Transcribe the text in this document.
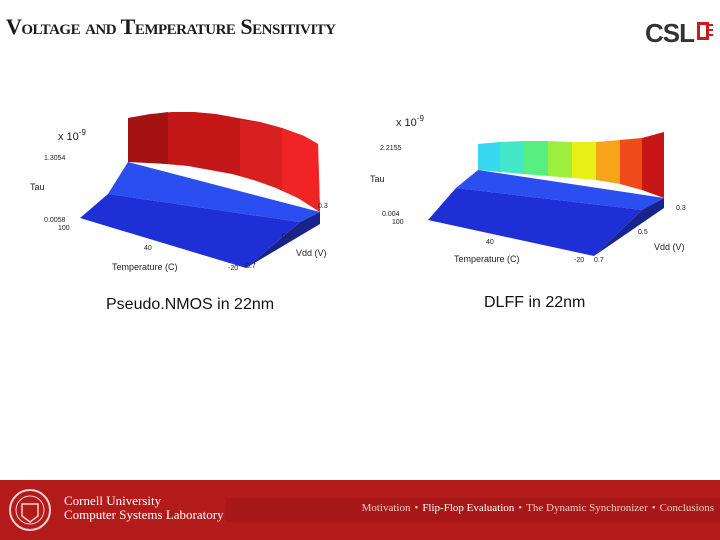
Voltage and Temperature Sensitivity	CSL
x $10^{-9}$
1.3054
Tau
0.0058
100
40
-20
Temperature (C)
0.3
0.5
0.7
Vdd (V)
x $10^{-9}$
2.2155
Tau
0.004
100
40
-20
Temperature (C)
0.3
0.5
0.7
Vdd (V)
Pseudo.NMOS in 22nm	DLFF in 22nm
Cornell University
Computer Systems Laboratory	Motivation • Flip-Flop Evaluation • The Dynamic Synchronizer • Conclusions
